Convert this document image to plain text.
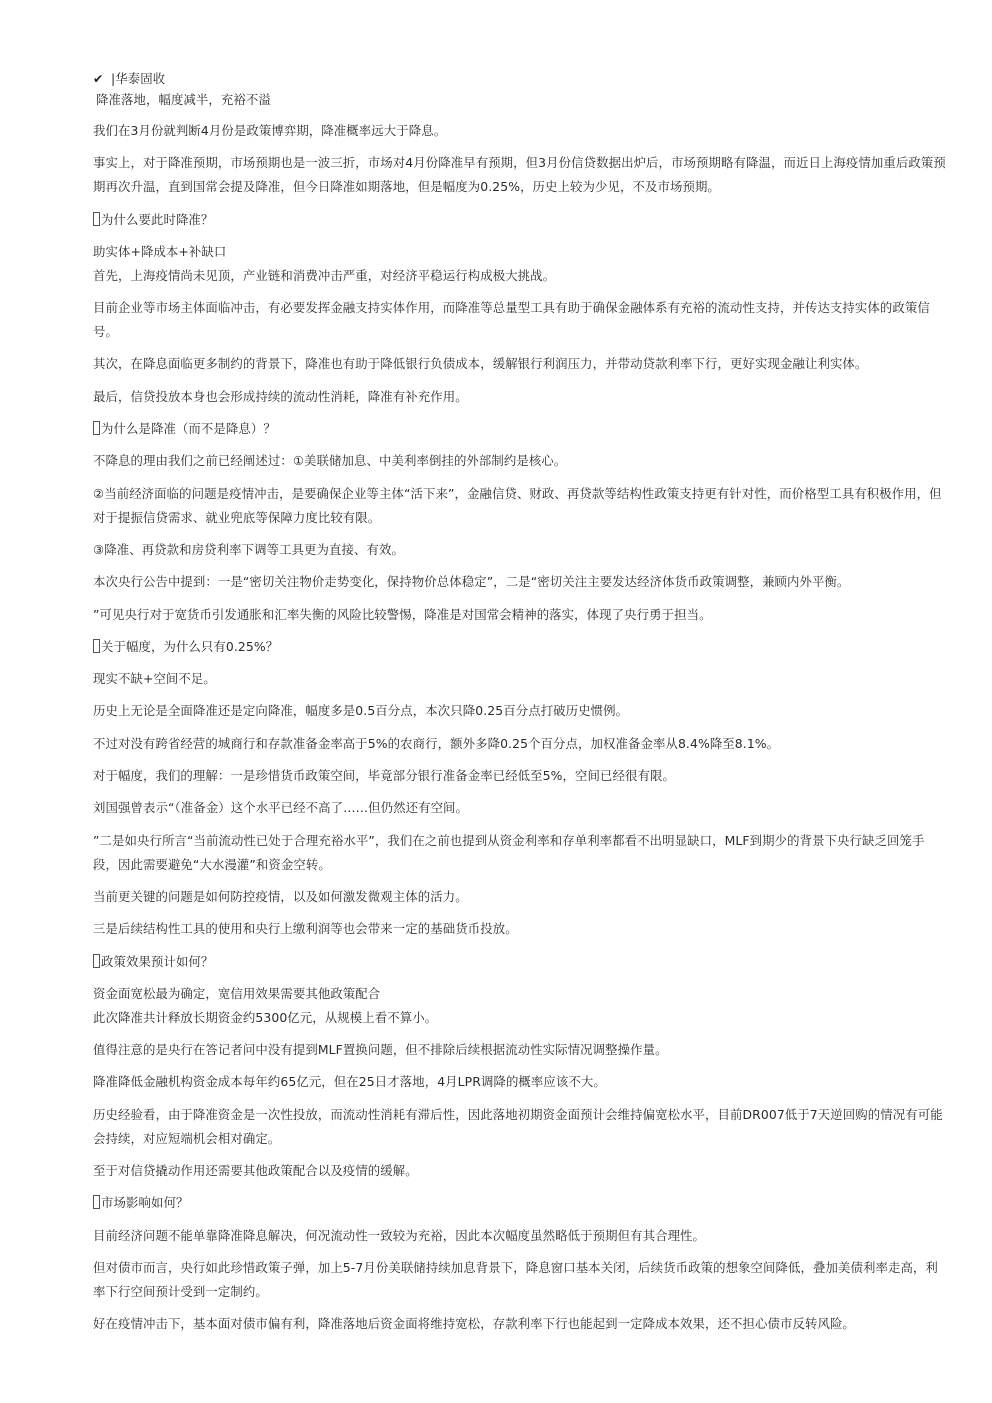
✔ |华泰固收
降准落地，幅度减半，充裕不溢

我们在3月份就判断4月份是政策博弈期，降准概率远大于降息。

事实上，对于降准预期，市场预期也是一波三折，市场对4月份降准早有预期，但3月份信贷数据出炉后，市场预期略有降温，而近日上海疫情加重后政策预期再次升温，直到国常会提及降准，但今日降准如期落地，但是幅度为0.25%，历史上较为少见，不及市场预期。

为什么要此时降准？

助实体+降成本+补缺口

首先，上海疫情尚未见顶，产业链和消费冲击严重，对经济平稳运行构成极大挑战。

目前企业等市场主体面临冲击，有必要发挥金融支持实体作用，而降准等总量型工具有助于确保金融体系有充裕的流动性支持，并传达支持实体的政策信号。

其次，在降息面临更多制约的背景下，降准也有助于降低银行负债成本，缓解银行利润压力，并带动贷款利率下行，更好实现金融让利实体。

最后，信贷投放本身也会形成持续的流动性消耗，降准有补充作用。

为什么是降准（而不是降息）？

不降息的理由我们之前已经阐述过：①美联储加息、中美利率倒挂的外部制约是核心。

②当前经济面临的问题是疫情冲击，是要确保企业等主体“活下来”，金融信贷、财政、再贷款等结构性政策支持更有针对性，而价格型工具有积极作用，但对于提振信贷需求、就业兜底等保障力度比较有限。

③降准、再贷款和房贷利率下调等工具更为直接、有效。

本次央行公告中提到：一是“密切关注物价走势变化，保持物价总体稳定”，二是“密切关注主要发达经济体货币政策调整，兼顾内外平衡。

”可见央行对于宽货币引发通胀和汇率失衡的风险比较警惕，降准是对国常会精神的落实，体现了央行勇于担当。

关于幅度，为什么只有0.25%？

现实不缺+空间不足。

历史上无论是全面降准还是定向降准，幅度多是0.5百分点，本次只降0.25百分点打破历史惯例。

不过对没有跨省经营的城商行和存款准备金率高于5%的农商行，额外多降0.25个百分点，加权准备金率从8.4%降至8.1%。

对于幅度，我们的理解：一是珍惜货币政策空间，毕竟部分银行准备金率已经低至5%，空间已经很有限。

刘国强曾表示“（准备金）这个水平已经不高了……但仍然还有空间。

”二是如央行所言“当前流动性已处于合理充裕水平”，我们在之前也提到从资金利率和存单利率都看不出明显缺口，MLF到期少的背景下央行缺乏回笼手段，因此需要避免“大水漫灌”和资金空转。

当前更关键的问题是如何防控疫情，以及如何激发微观主体的活力。

三是后续结构性工具的使用和央行上缴利润等也会带来一定的基础货币投放。

政策效果预计如何？

资金面宽松最为确定，宽信用效果需要其他政策配合

此次降准共计释放长期资金约5300亿元，从规模上看不算小。

值得注意的是央行在答记者问中没有提到MLF置换问题，但不排除后续根据流动性实际情况调整操作量。

降准降低金融机构资金成本每年约65亿元，但在25日才落地，4月LPR调降的概率应该不大。

历史经验看，由于降准资金是一次性投放，而流动性消耗有滞后性，因此落地初期资金面预计会维持偏宽松水平，目前DR007低于7天逆回购的情况有可能会持续，对应短端机会相对确定。

至于对信贷撬动作用还需要其他政策配合以及疫情的缓解。

市场影响如何？

目前经济问题不能单靠降准降息解决，何况流动性一致较为充裕，因此本次幅度虽然略低于预期但有其合理性。

但对债市而言，央行如此珍惜政策子弹，加上5-7月份美联储持续加息背景下，降息窗口基本关闭，后续货币政策的想象空间降低，叠加美债利率走高，利率下行空间预计受到一定制约。

好在疫情冲击下，基本面对债市偏有利，降准落地后资金面将维持宽松，存款利率下行也能起到一定降成本效果，还不担心债市反转风险。
